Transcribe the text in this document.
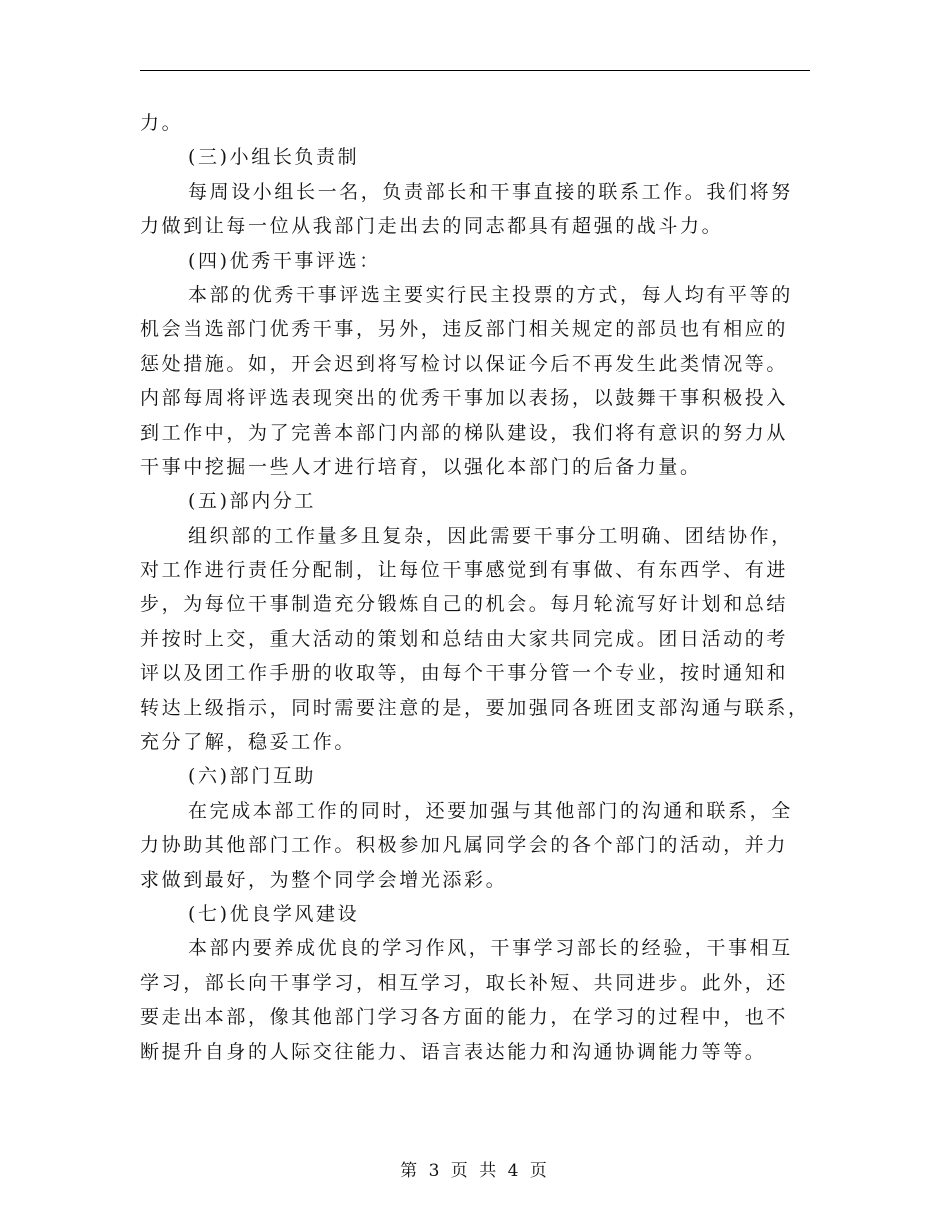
力。
(三)小组长负责制
每周设小组长一名，负责部长和干事直接的联系工作。我们将努
力做到让每一位从我部门走出去的同志都具有超强的战斗力。
(四)优秀干事评选：
本部的优秀干事评选主要实行民主投票的方式，每人均有平等的
机会当选部门优秀干事，另外，违反部门相关规定的部员也有相应的
惩处措施。如，开会迟到将写检讨以保证今后不再发生此类情况等。
内部每周将评选表现突出的优秀干事加以表扬，以鼓舞干事积极投入
到工作中，为了完善本部门内部的梯队建设，我们将有意识的努力从
干事中挖掘一些人才进行培育，以强化本部门的后备力量。
(五)部内分工
组织部的工作量多且复杂，因此需要干事分工明确、团结协作，
对工作进行责任分配制，让每位干事感觉到有事做、有东西学、有进
步，为每位干事制造充分锻炼自己的机会。每月轮流写好计划和总结
并按时上交，重大活动的策划和总结由大家共同完成。团日活动的考
评以及团工作手册的收取等，由每个干事分管一个专业，按时通知和
转达上级指示，同时需要注意的是，要加强同各班团支部沟通与联系，
充分了解，稳妥工作。
(六)部门互助
在完成本部工作的同时，还要加强与其他部门的沟通和联系，全
力协助其他部门工作。积极参加凡属同学会的各个部门的活动，并力
求做到最好，为整个同学会增光添彩。
(七)优良学风建设
本部内要养成优良的学习作风，干事学习部长的经验，干事相互
学习，部长向干事学习，相互学习，取长补短、共同进步。此外，还
要走出本部，像其他部门学习各方面的能力，在学习的过程中，也不
断提升自身的人际交往能力、语言表达能力和沟通协调能力等等。
第 3 页 共 4 页
